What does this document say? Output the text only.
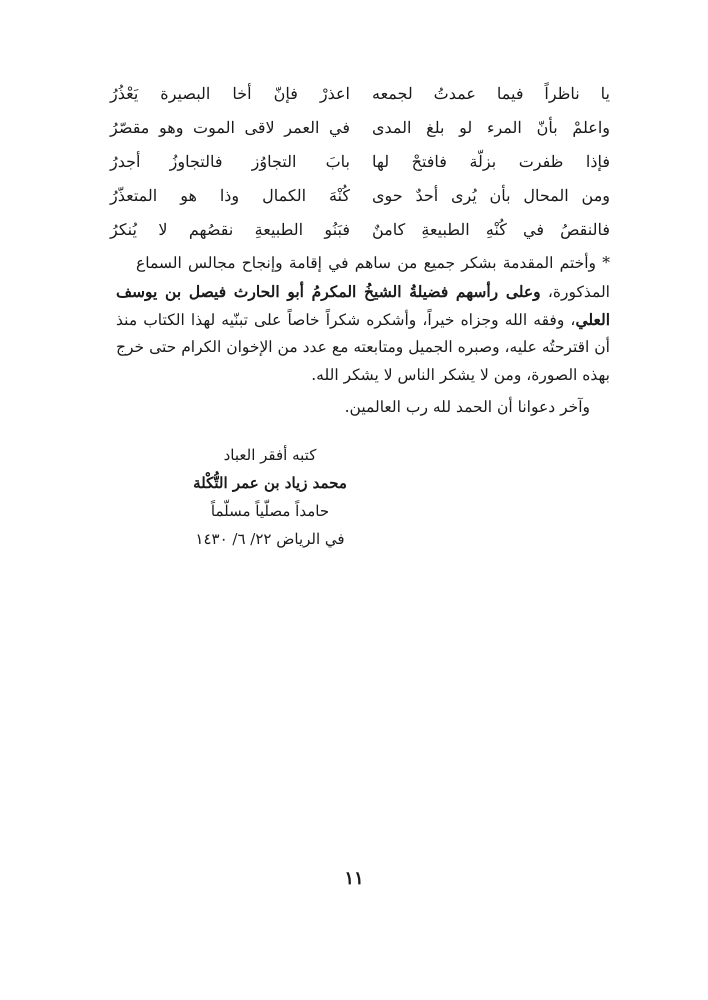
يا ناظراً فيما عمدتُ لجمعه
اعذرْ فإنّ أخا البصيرة يَعْذُرُ
واعلمْ بأنّ المرء لو بلغ المدى
في العمر لاقى الموت وهو مقصّرُ
فإذا ظفرت بزلّة فافتحْ لها
بابَ التجاوُز فالتجاوزُ أجدرُ
ومن المحال بأن يُرى أحدٌ حوى
كُنْهَ الكمال وذا هو المتعذّرُ
فالنقصُ في كُنْهِ الطبيعةِ كامنٌ
فبَنُو الطبيعةِ نقصُهم لا يُنكرُ
* وأختم المقدمة بشكر جميع من ساهم في إقامة وإنجاح مجالس السماع
المذكورة، وعلى رأسهم فضيلةُ الشيخُ المكرمُ أبو الحارث فيصل بن يوسف
العلي، وفقه الله وجزاه خيراً، وأشكره شكراً خاصاً على تبنّيه لهذا الكتاب منذ
أن اقترحتُه عليه، وصبره الجميل ومتابعته مع عدد من الإخوان الكرام حتى خرج
بهذه الصورة، ومن لا يشكر الناس لا يشكر الله.
وآخر دعوانا أن الحمد لله رب العالمين.
كتبه أفقر العباد
محمد زياد بن عمر التُّكْلة
حامداً مصلّياً مسلّماً
في الرياض ٢٢/ ٦/ ١٤٣٠
١١
